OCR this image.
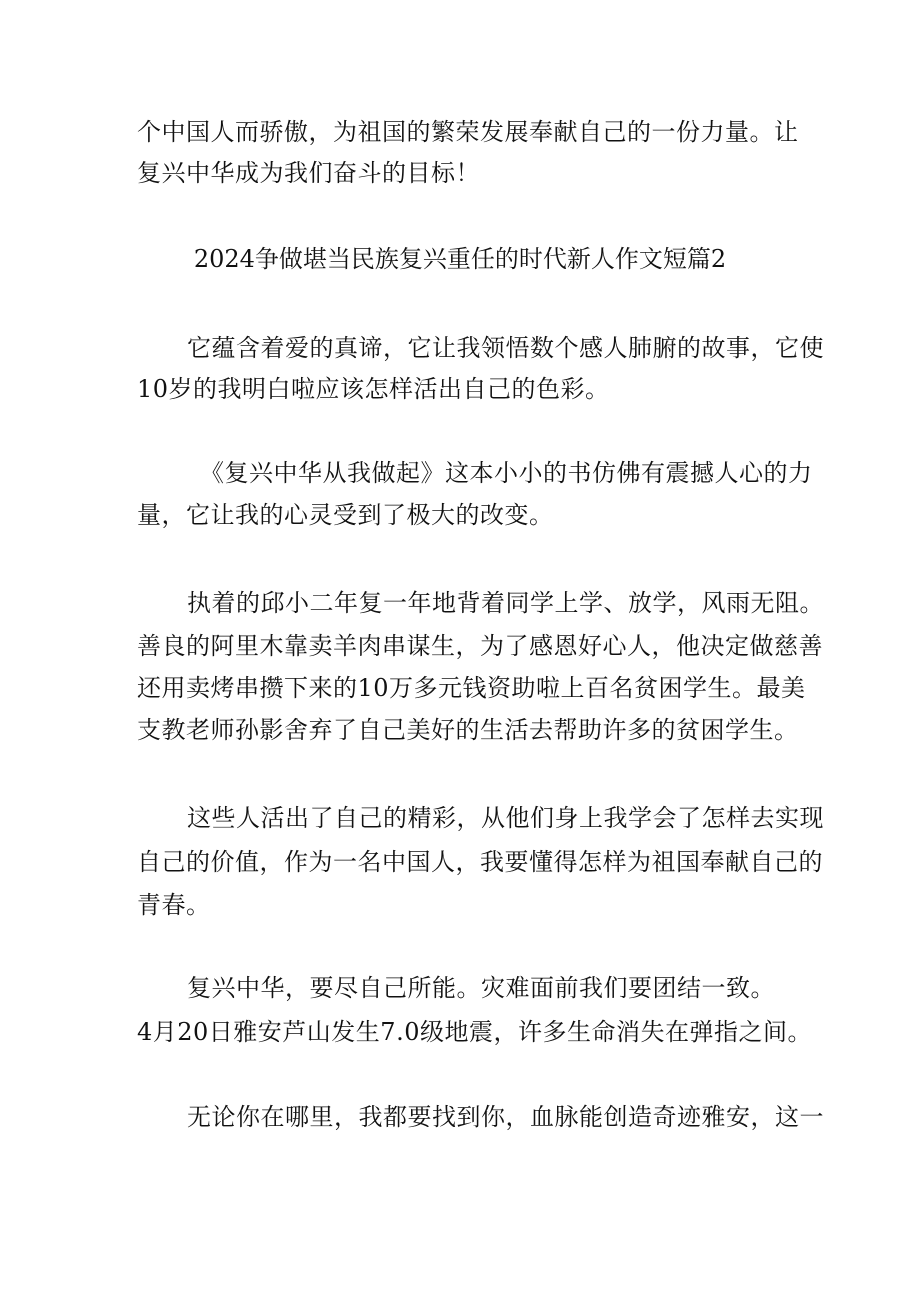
个中国人而骄傲，为祖国的繁荣发展奉献自己的一份力量。让
复兴中华成为我们奋斗的目标！
2024争做堪当民族复兴重任的时代新人作文短篇2
它蕴含着爱的真谛，它让我领悟数个感人肺腑的故事，它使
10岁的我明白啦应该怎样活出自己的色彩。
《复兴中华从我做起》这本小小的书仿佛有震撼人心的力
量，它让我的心灵受到了极大的改变。
执着的邱小二年复一年地背着同学上学、放学，风雨无阻。
善良的阿里木靠卖羊肉串谋生，为了感恩好心人，他决定做慈善
还用卖烤串攒下来的10万多元钱资助啦上百名贫困学生。最美
支教老师孙影舍弃了自己美好的生活去帮助许多的贫困学生。
这些人活出了自己的精彩，从他们身上我学会了怎样去实现
自己的价值，作为一名中国人，我要懂得怎样为祖国奉献自己的
青春。
复兴中华，要尽自己所能。灾难面前我们要团结一致。
4月20日雅安芦山发生7.0级地震，许多生命消失在弹指之间。
无论你在哪里，我都要找到你，血脉能创造奇迹雅安，这一
